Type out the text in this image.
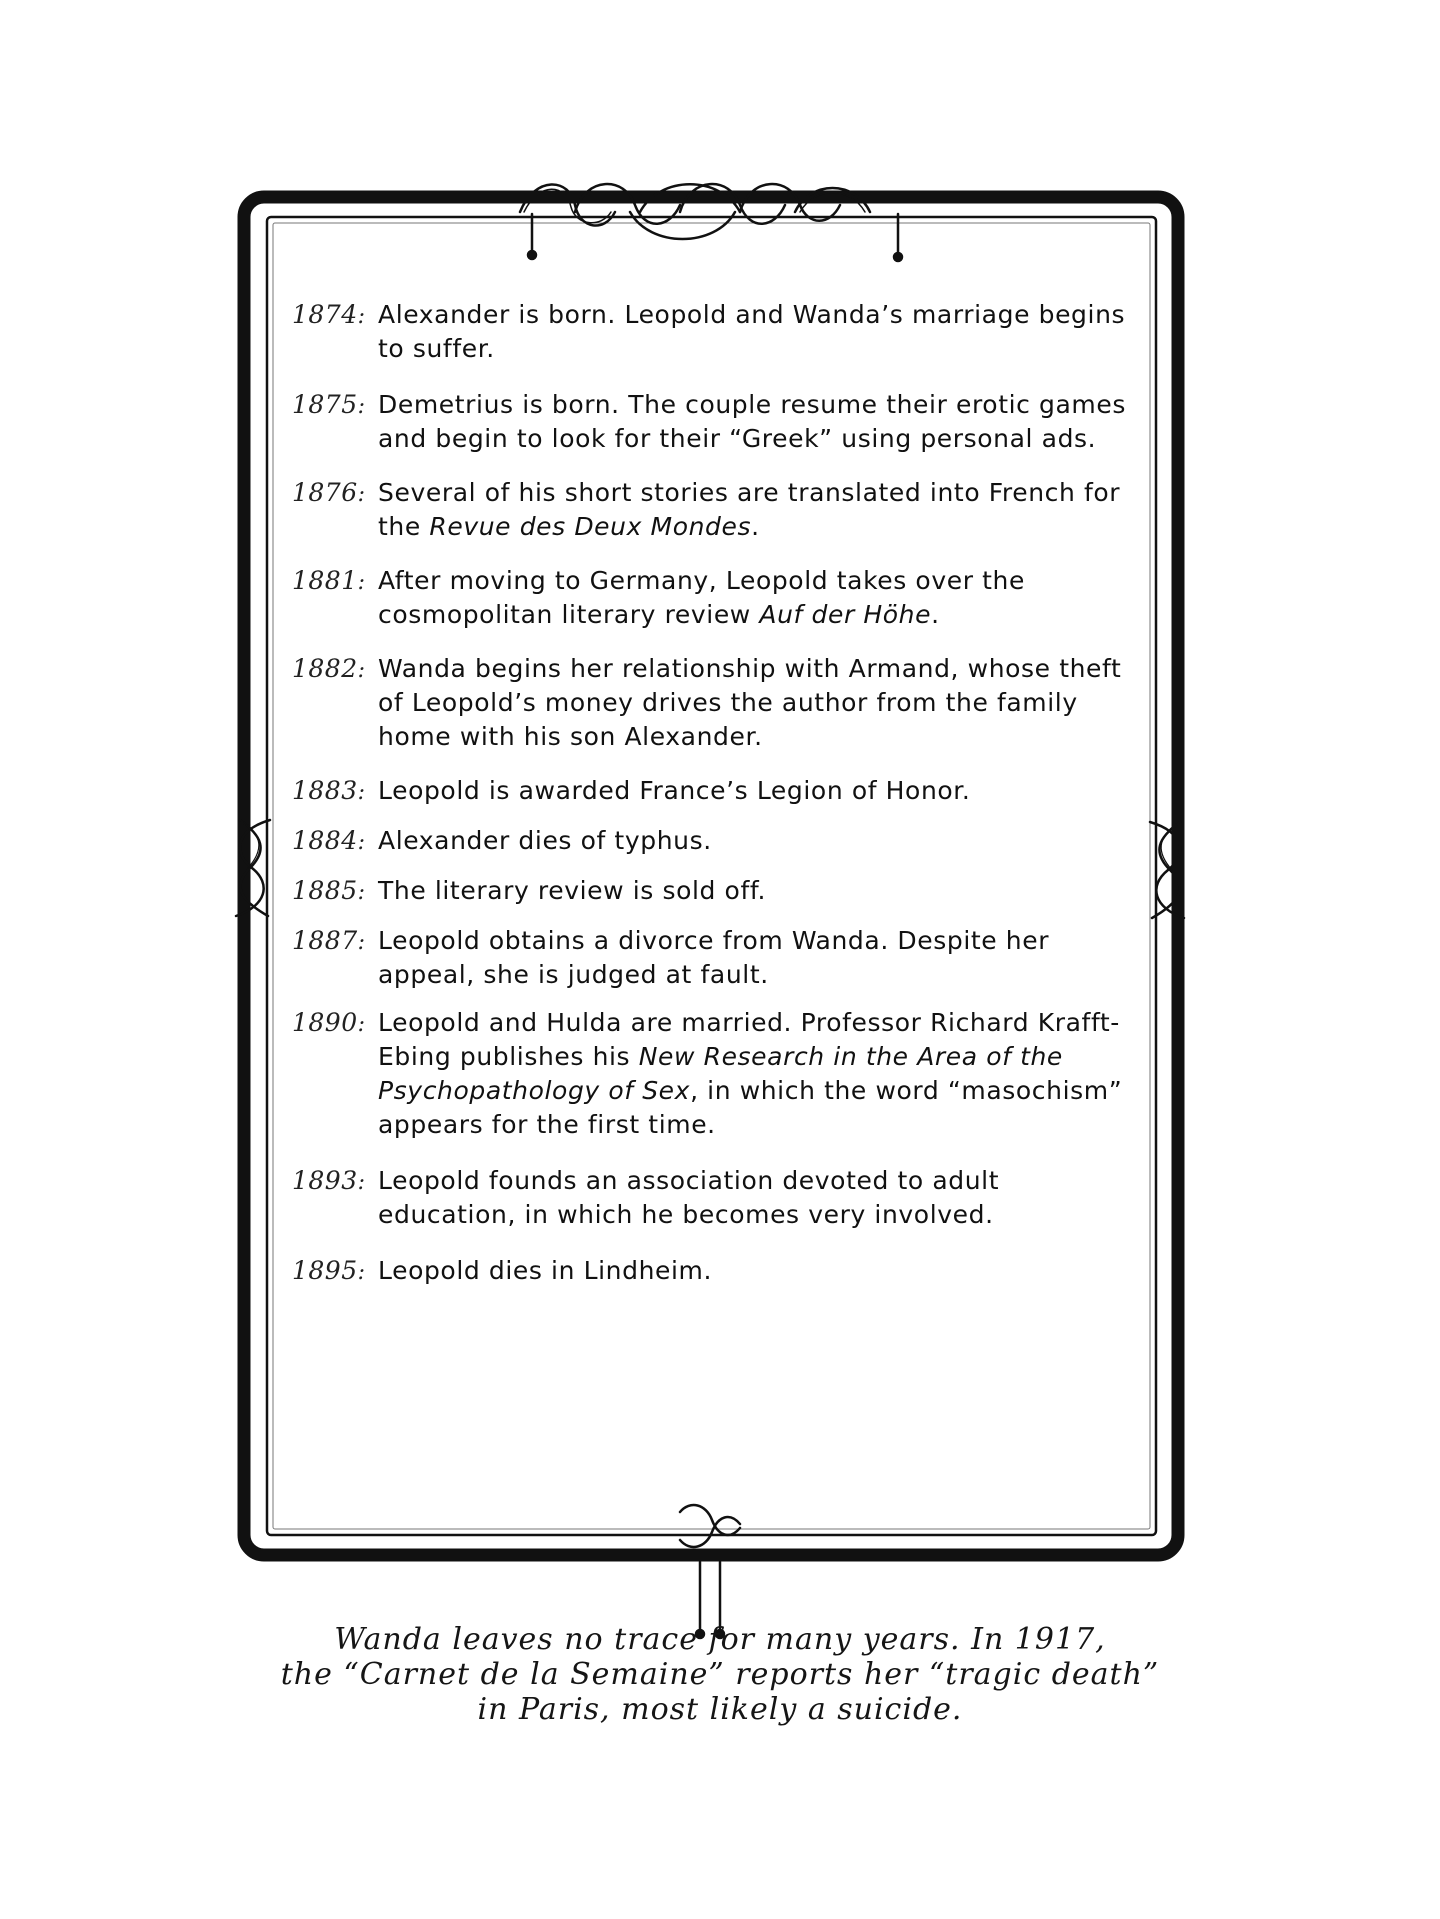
1874: Alexander is born. Leopold and Wanda’s marriage begins to suffer.
1875: Demetrius is born. The couple resume their erotic games and begin to look for their “Greek” using personal ads.
1876: Several of his short stories are translated into French for the Revue des Deux Mondes.
1881: After moving to Germany, Leopold takes over the cosmopolitan literary review Auf der Höhe.
1882: Wanda begins her relationship with Armand, whose theft of Leopold’s money drives the author from the family home with his son Alexander.
1883: Leopold is awarded France’s Legion of Honor.
1884: Alexander dies of typhus.
1885: The literary review is sold off.
1887: Leopold obtains a divorce from Wanda. Despite her appeal, she is judged at fault.
1890: Leopold and Hulda are married. Professor Richard Krafft-Ebing publishes his New Research in the Area of the Psychopathology of Sex, in which the word “masochism” appears for the first time.
1893: Leopold founds an association devoted to adult education, in which he becomes very involved.
1895: Leopold dies in Lindheim.
Wanda leaves no trace for many years. In 1917,
the “Carnet de la Semaine” reports her “tragic death”
in Paris, most likely a suicide.
